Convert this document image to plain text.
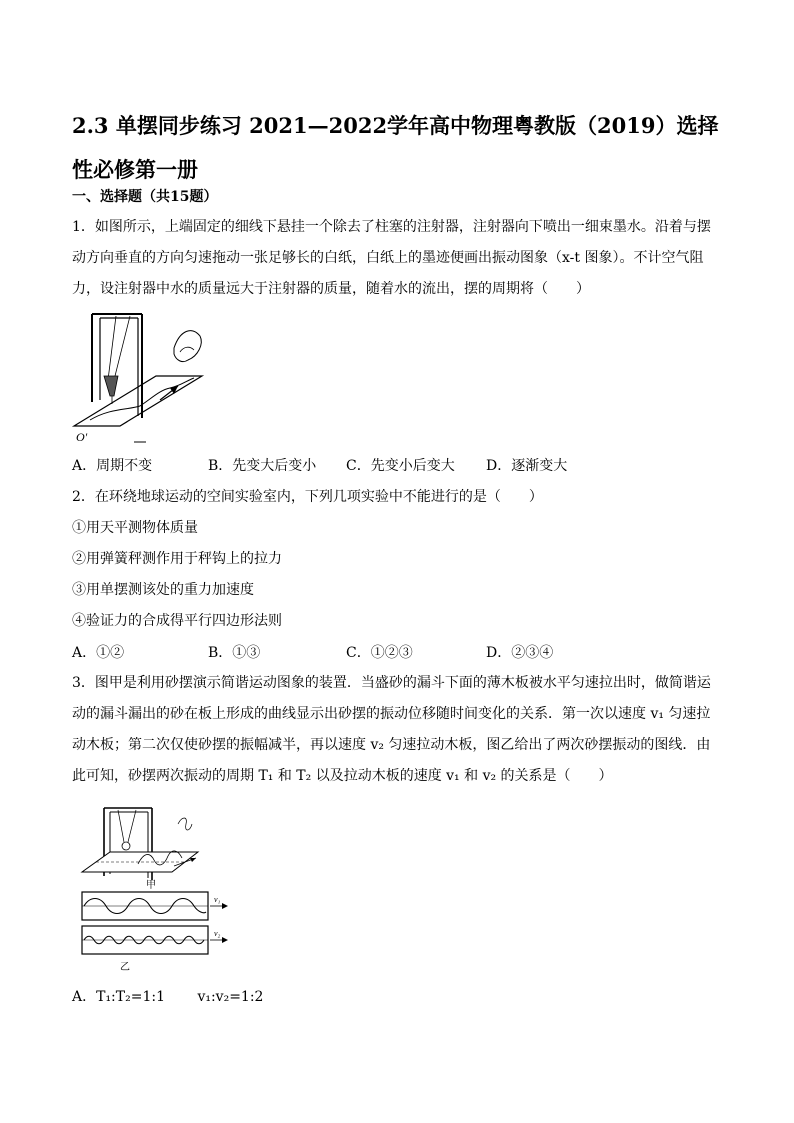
2.3 单摆同步练习 2021—2022学年高中物理粤教版（2019）选择性必修第一册
一、选择题（共15题）
1．如图所示，上端固定的细线下悬挂一个除去了柱塞的注射器，注射器向下喷出一细束墨水。沿着与摆动方向垂直的方向匀速拖动一张足够长的白纸，白纸上的墨迹便画出振动图象（x-t 图象）。不计空气阻力，设注射器中水的质量远大于注射器的质量，随着水的流出，摆的周期将（　　）
O'
A．周期不变	B．先变大后变小 C．先变小后变大 D．逐渐变大
2．在环绕地球运动的空间实验室内，下列几项实验中不能进行的是（　　）
①用天平测物体质量
②用弹簧秤测作用于秤钩上的拉力
③用单摆测该处的重力加速度
④验证力的合成得平行四边形法则
A．①②	B．①③	C．①②③	D．②③④
3．图甲是利用砂摆演示简谐运动图象的装置．当盛砂的漏斗下面的薄木板被水平匀速拉出时，做简谐运动的漏斗漏出的砂在板上形成的曲线显示出砂摆的振动位移随时间变化的关系．第一次以速度 v₁ 匀速拉动木板；第二次仅使砂摆的振幅减半，再以速度 v₂ 匀速拉动木板，图乙给出了两次砂摆振动的图线．由此可知，砂摆两次振动的周期 T₁ 和 T₂ 以及拉动木板的速度 v₁ 和 v₂ 的关系是（　　）
甲
v₁
v₂
乙
A．T₁:T₂=1:1　　 v₁:v₂=1:2
